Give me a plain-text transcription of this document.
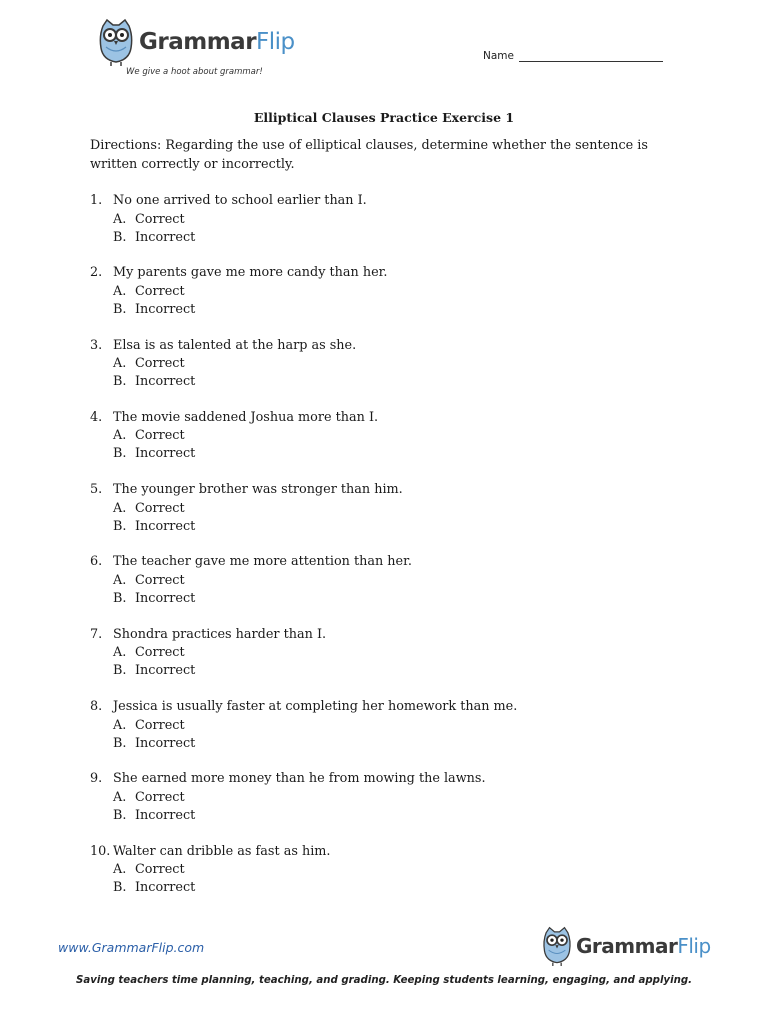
GrammarFlip
We give a hoot about grammar!
Name
Elliptical Clauses Practice Exercise 1
Directions: Regarding the use of elliptical clauses, determine whether the sentence is written correctly or incorrectly.
1. No one arrived to school earlier than I.
A. Correct
B. Incorrect
2. My parents gave me more candy than her.
A. Correct
B. Incorrect
3. Elsa is as talented at the harp as she.
A. Correct
B. Incorrect
4. The movie saddened Joshua more than I.
A. Correct
B. Incorrect
5. The younger brother was stronger than him.
A. Correct
B. Incorrect
6. The teacher gave me more attention than her.
A. Correct
B. Incorrect
7. Shondra practices harder than I.
A. Correct
B. Incorrect
8. Jessica is usually faster at completing her homework than me.
A. Correct
B. Incorrect
9. She earned more money than he from mowing the lawns.
A. Correct
B. Incorrect
10. Walter can dribble as fast as him.
A. Correct
B. Incorrect
www.GrammarFlip.com	GrammarFlip
Saving teachers time planning, teaching, and grading. Keeping students learning, engaging, and applying.
